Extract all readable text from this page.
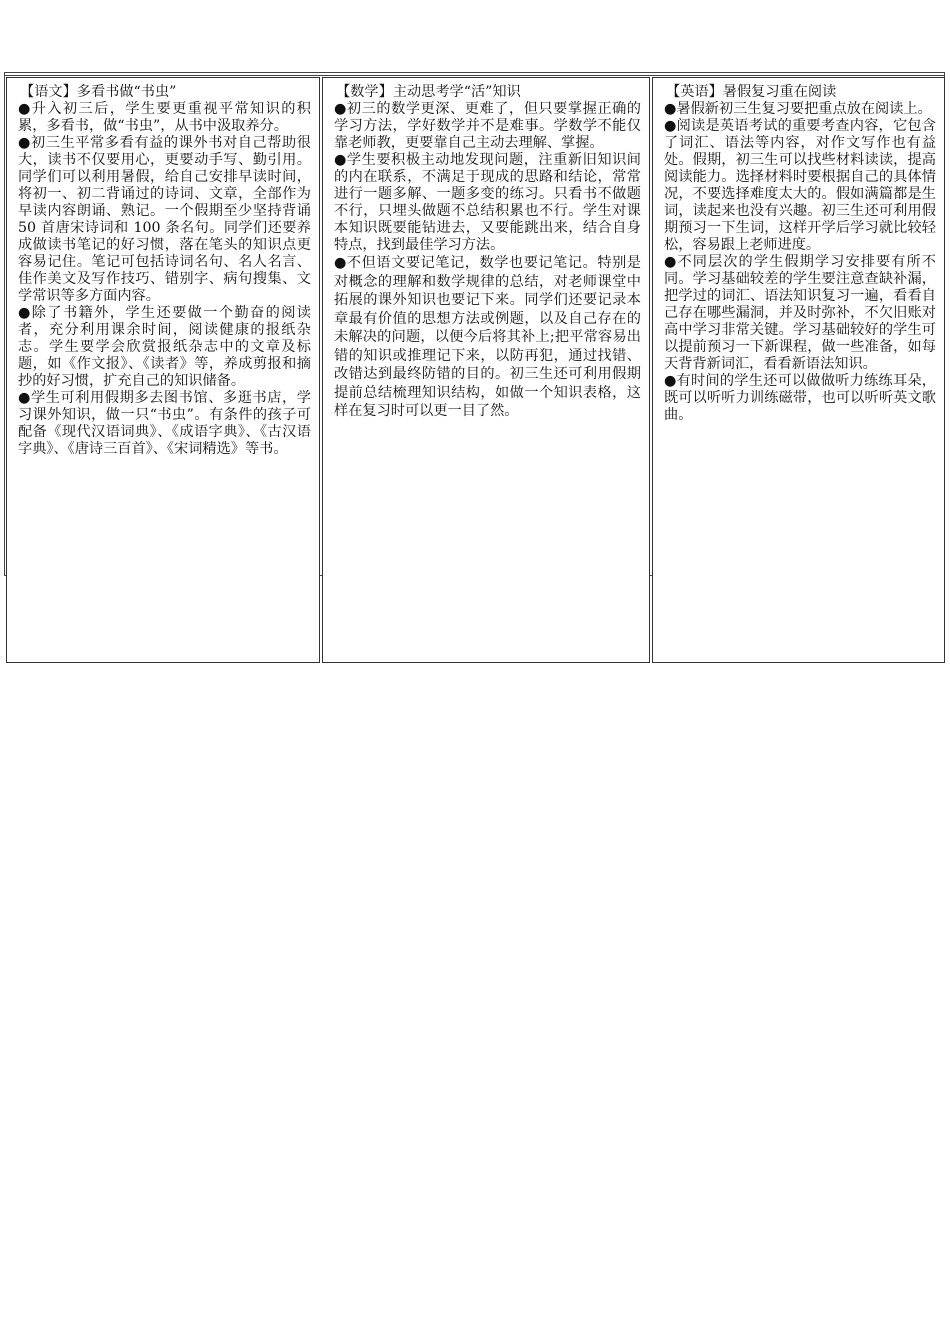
【语文】多看书做“书虫”

●升入初三后，学生要更重视平常知识的积累，多看书，做“书虫”，从书中汲取养分。

●初三生平常多看有益的课外书对自己帮助很大，读书不仅要用心，更要动手写、勤引用。同学们可以利用暑假，给自己安排早读时间，将初一、初二背诵过的诗词、文章，全部作为早读内容朗诵、熟记。一个假期至少坚持背诵 50 首唐宋诗词和 100 条名句。同学们还要养成做读书笔记的好习惯，落在笔头的知识点更容易记住。笔记可包括诗词名句、名人名言、佳作美文及写作技巧、错别字、病句搜集、文学常识等多方面内容。

●除了书籍外，学生还要做一个勤奋的阅读者，充分利用课余时间，阅读健康的报纸杂志。学生要学会欣赏报纸杂志中的文章及标题，如《作文报》、《读者》等，养成剪报和摘抄的好习惯，扩充自己的知识储备。

●学生可利用假期多去图书馆、多逛书店，学习课外知识，做一只“书虫”。有条件的孩子可配备《现代汉语词典》、《成语字典》、《古汉语字典》、《唐诗三百首》、《宋词精选》等书。

【数学】主动思考学“活”知识

●初三的数学更深、更难了，但只要掌握正确的学习方法，学好数学并不是难事。学数学不能仅靠老师教，更要靠自己主动去理解、掌握。

●学生要积极主动地发现问题，注重新旧知识间的内在联系，不满足于现成的思路和结论，常常进行一题多解、一题多变的练习。只看书不做题不行，只埋头做题不总结积累也不行。学生对课本知识既要能钻进去，又要能跳出来，结合自身特点，找到最佳学习方法。

●不但语文要记笔记，数学也要记笔记。特别是对概念的理解和数学规律的总结，对老师课堂中拓展的课外知识也要记下来。同学们还要记录本章最有价值的思想方法或例题，以及自己存在的未解决的问题，以便今后将其补上;把平常容易出错的知识或推理记下来，以防再犯，通过找错、改错达到最终防错的目的。初三生还可利用假期提前总结梳理知识结构，如做一个知识表格，这样在复习时可以更一目了然。

【英语】暑假复习重在阅读

●暑假新初三生复习要把重点放在阅读上。

●阅读是英语考试的重要考查内容，它包含了词汇、语法等内容，对作文写作也有益处。假期，初三生可以找些材料读读，提高阅读能力。选择材料时要根据自己的具体情况，不要选择难度太大的。假如满篇都是生词，读起来也没有兴趣。初三生还可利用假期预习一下生词，这样开学后学习就比较轻松，容易跟上老师进度。

●不同层次的学生假期学习安排要有所不同。学习基础较差的学生要注意查缺补漏，把学过的词汇、语法知识复习一遍，看看自己存在哪些漏洞，并及时弥补，不欠旧账对高中学习非常关键。学习基础较好的学生可以提前预习一下新课程，做一些准备，如每天背背新词汇，看看新语法知识。

●有时间的学生还可以做做听力练练耳朵，既可以听听力训练磁带，也可以听听英文歌曲。
